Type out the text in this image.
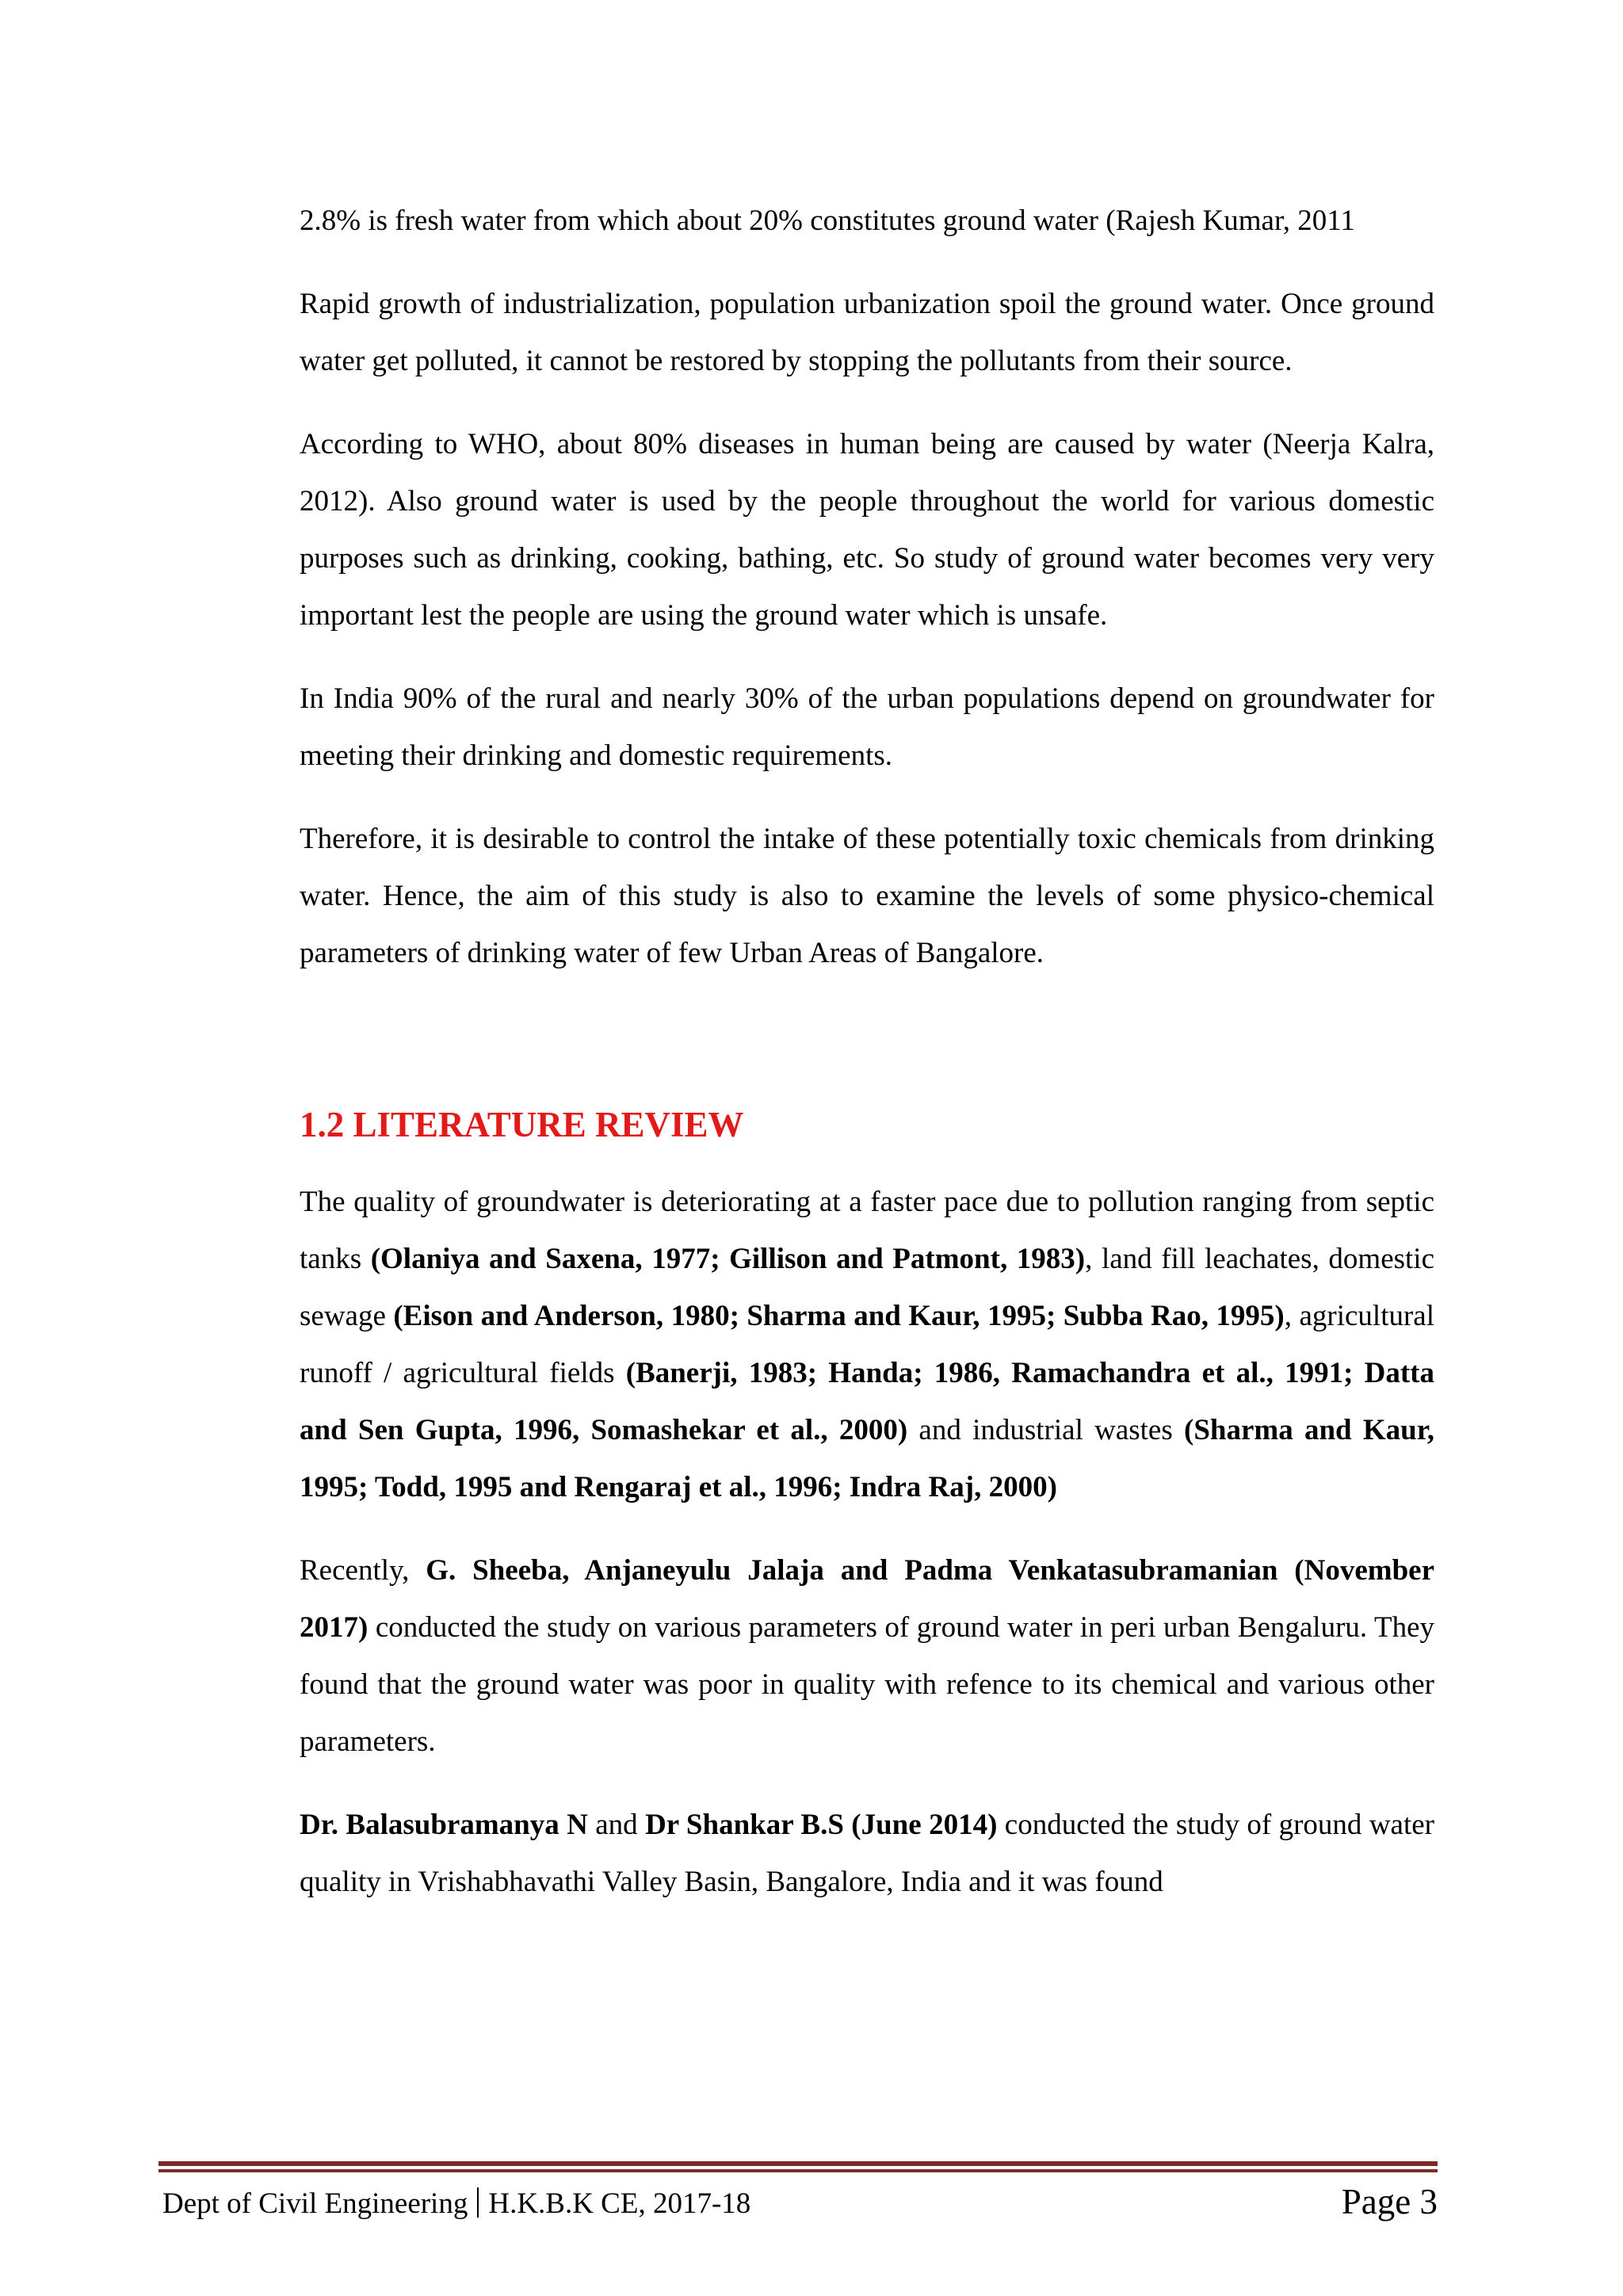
2.8% is fresh water from which about 20% constitutes ground water (Rajesh Kumar, 2011

Rapid growth of industrialization, population urbanization spoil the ground water. Once ground water get polluted, it cannot be restored by stopping the pollutants from their source.

According to WHO, about 80% diseases in human being are caused by water (Neerja Kalra, 2012). Also ground water is used by the people throughout the world for various domestic purposes such as drinking, cooking, bathing, etc. So study of ground water becomes very very important lest the people are using the ground water which is unsafe.

In India 90% of the rural and nearly 30% of the urban populations depend on groundwater for meeting their drinking and domestic requirements.

Therefore, it is desirable to control the intake of these potentially toxic chemicals from drinking water. Hence, the aim of this study is also to examine the levels of some physico-chemical parameters of drinking water of few Urban Areas of Bangalore.

1.2 LITERATURE REVIEW

The quality of groundwater is deteriorating at a faster pace due to pollution ranging from septic tanks (Olaniya and Saxena, 1977; Gillison and Patmont, 1983), land fill leachates, domestic sewage (Eison and Anderson, 1980; Sharma and Kaur, 1995; Subba Rao, 1995), agricultural runoff / agricultural fields (Banerji, 1983; Handa; 1986, Ramachandra et al., 1991; Datta and Sen Gupta, 1996, Somashekar et al., 2000) and industrial wastes (Sharma and Kaur, 1995; Todd, 1995 and Rengaraj et al., 1996; Indra Raj, 2000)

Recently, G. Sheeba, Anjaneyulu Jalaja and Padma Venkatasubramanian (November 2017) conducted the study on various parameters of ground water in peri urban Bengaluru. They found that the ground water was poor in quality with refence to its chemical and various other parameters.

Dr. Balasubramanya N and Dr Shankar B.S (June 2014) conducted the study of ground water quality in Vrishabhavathi Valley Basin, Bangalore, India and it was found

Dept of Civil Engineering H.K.B.K CE, 2017-18	Page 3
